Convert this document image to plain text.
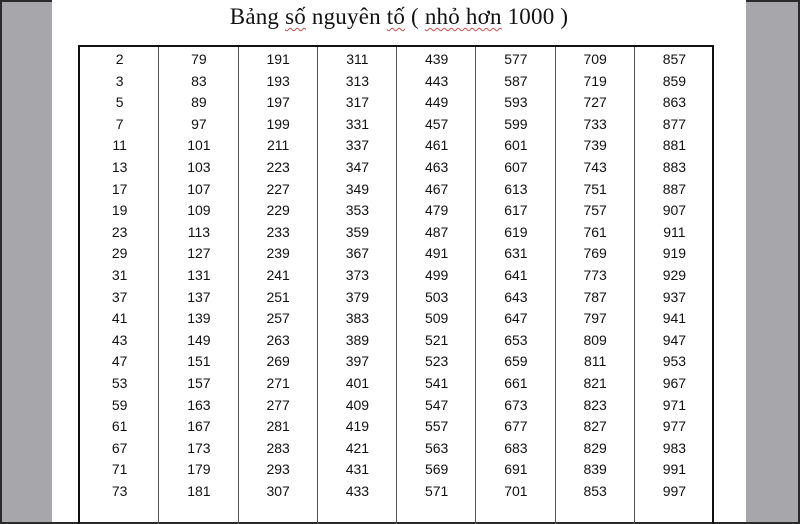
Bảng số nguyên tố ( nhỏ hơn 1000 )
2
3
5
7
11
13
17
19
23
29
31
37
41
43
47
53
59
61
67
71
73
79
83
89
97
101
103
107
109
113
127
131
137
139
149
151
157
163
167
173
179
181
191
193
197
199
211
223
227
229
233
239
241
251
257
263
269
271
277
281
283
293
307
311
313
317
331
337
347
349
353
359
367
373
379
383
389
397
401
409
419
421
431
433
439
443
449
457
461
463
467
479
487
491
499
503
509
521
523
541
547
557
563
569
571
577
587
593
599
601
607
613
617
619
631
641
643
647
653
659
661
673
677
683
691
701
709
719
727
733
739
743
751
757
761
769
773
787
797
809
811
821
823
827
829
839
853
857
859
863
877
881
883
887
907
911
919
929
937
941
947
953
967
971
977
983
991
997
